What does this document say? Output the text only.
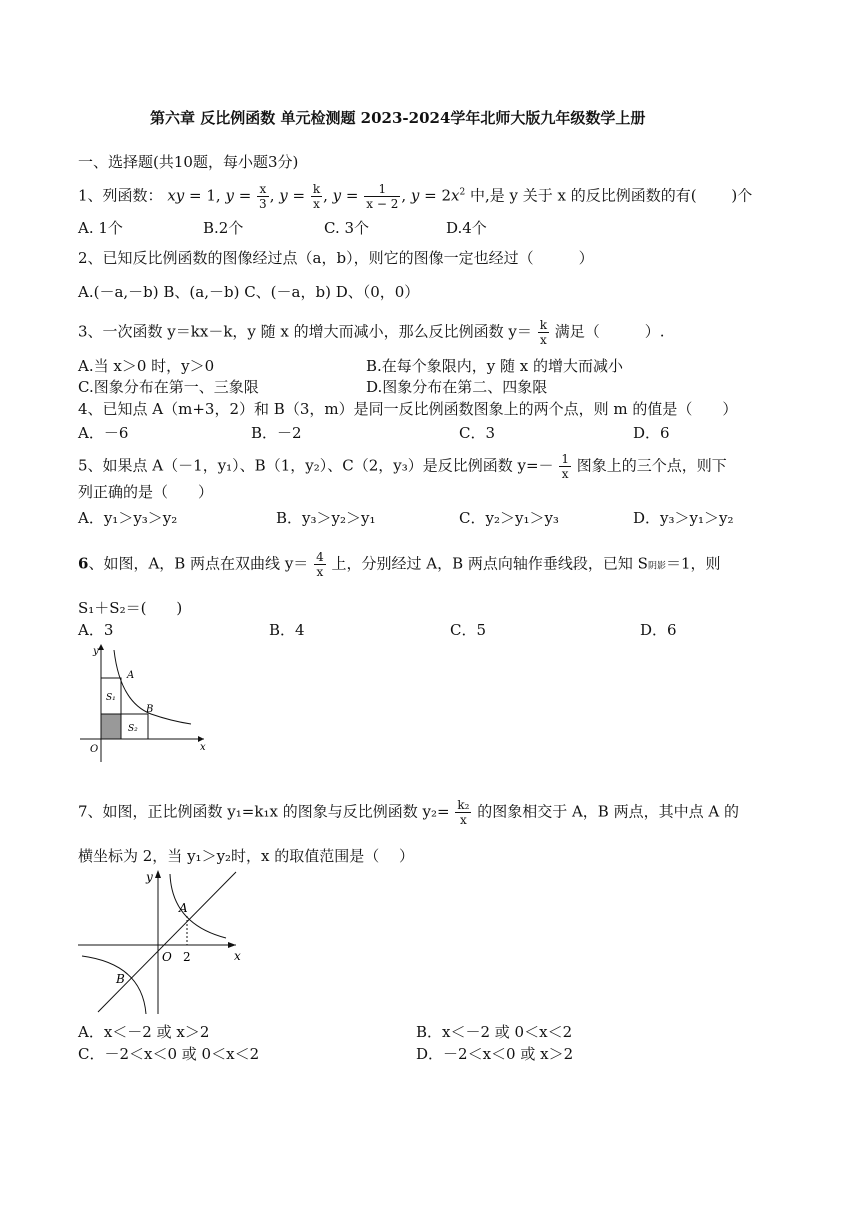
第六章 反比例函数 单元检测题 2023-2024学年北师大版九年级数学上册
一、选择题(共10题，每小题3分)
1、列函数： xy = 1, $y = \frac{x}{3}$ , $y = \frac{k}{x}$ , $y = \frac{1}{x - 2}$ , $y = 2x^2$ 中,是 y 关于 x 的反比例函数的有(　　 )个
A. 1个	B.2个	C. 3个	D.4个
2、已知反比例函数的图像经过点（a，b），则它的图像一定也经过（　　　）
A.(－a,－b) B、(a,－b) C、(－a，b) D、（0，0）
3、一次函数 y＝kx－k，y 随 x 的增大而减小，那么反比例函数 $y= \frac{k}{x}$ 满足（　　　）.
A.当 x＞0 时，y＞0	B.在每个象限内，y 随 x 的增大而减小
C.图象分布在第一、三象限	D.图象分布在第二、四象限
4、已知点 A（m+3，2）和 B（3，m）是同一反比例函数图象上的两个点，则 m 的值是（　　）
A．－6	B．－2	C．3	D．6
5、如果点 A（－1，y₁）、B（1，y₂）、C（2，y₃）是反比例函数 $y=- \frac{1}{x}$ 图象上的三个点，则下
列正确的是（　　）
A．y₁＞y₃＞y₂	B．y₃＞y₂＞y₁	C．y₂＞y₁＞y₃	D．y₃＞y₁＞y₂
6、如图，A，B 两点在双曲线 $y= \frac{4}{x}$ 上，分别经过 A，B 两点向轴作垂线段，已知 S阴影＝1，则
S₁＋S₂＝(　　)
A．3	B．4	C．5	D．6
y
x
O
A
B
S₁
S₂
7、如图，正比例函数 y₁=k₁x 的图象与反比例函数 $y_2= \frac{\text{k₂}}{x}$ 的图象相交于 A，B 两点，其中点 A 的
横坐标为 2，当 y₁＞y₂时，x 的取值范围是（　 ）
y
x
O 2
A
B
A．x＜－2 或 x＞2	B．x＜－2 或 0＜x＜2
C．－2＜x＜0 或 0＜x＜2	D．－2＜x＜0 或 x＞2
